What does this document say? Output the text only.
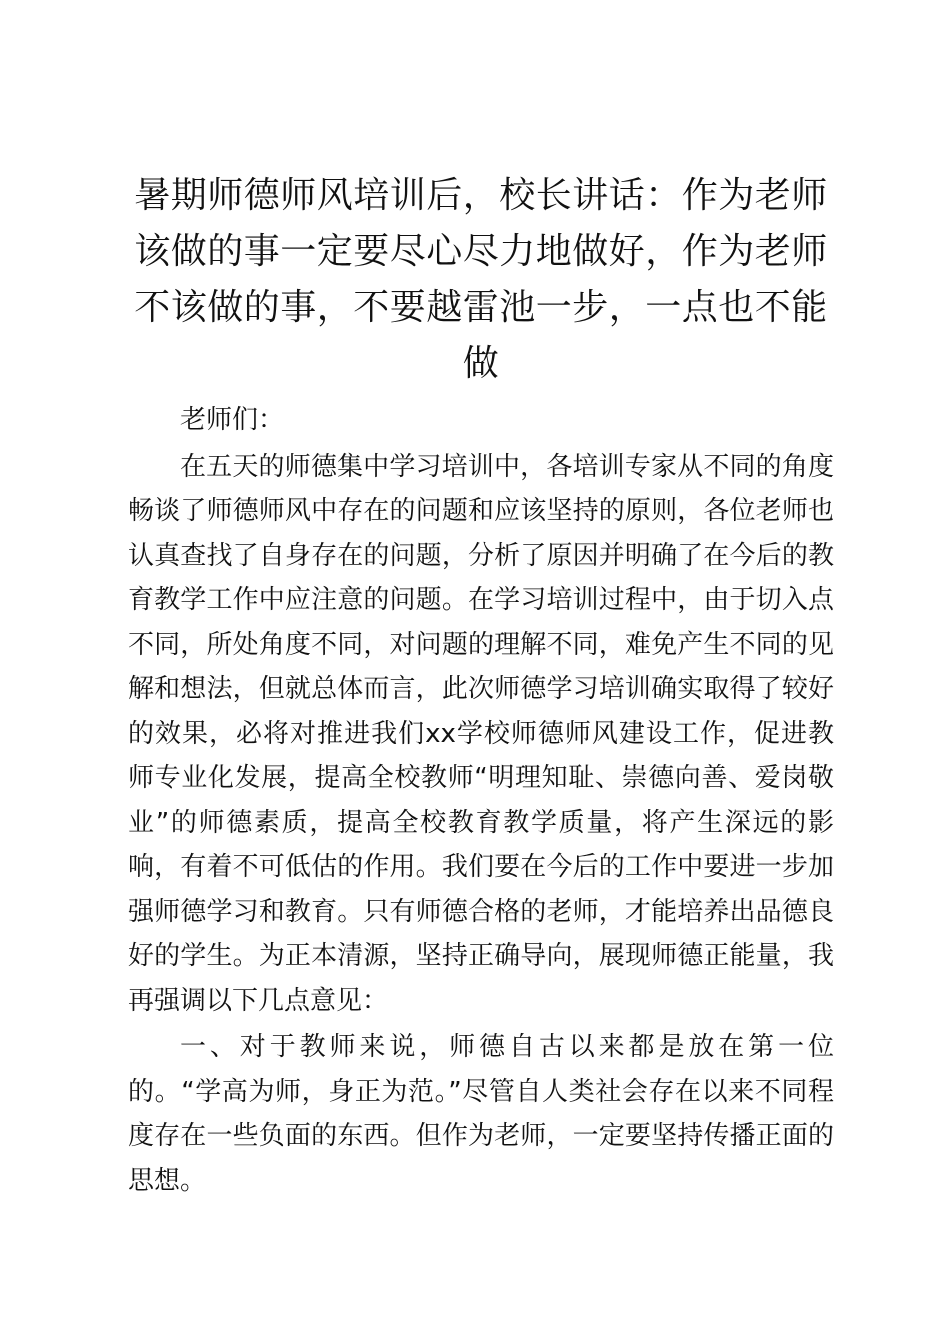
暑期师德师风培训后，校长讲话：作为老师该做的事一定要尽心尽力地做好，作为老师不该做的事，不要越雷池一步，一点也不能做

老师们：

在五天的师德集中学习培训中，各培训专家从不同的角度畅谈了师德师风中存在的问题和应该坚持的原则，各位老师也认真查找了自身存在的问题，分析了原因并明确了在今后的教育教学工作中应注意的问题。在学习培训过程中，由于切入点不同，所处角度不同，对问题的理解不同，难免产生不同的见解和想法，但就总体而言，此次师德学习培训确实取得了较好的效果，必将对推进我们xx学校师德师风建设工作，促进教师专业化发展，提高全校教师“明理知耻、崇德向善、爱岗敬业”的师德素质，提高全校教育教学质量，将产生深远的影响，有着不可低估的作用。我们要在今后的工作中要进一步加强师德学习和教育。只有师德合格的老师，才能培养出品德良好的学生。为正本清源，坚持正确导向，展现师德正能量，我再强调以下几点意见：

一、对于教师来说，师德自古以来都是放在第一位的。“学高为师，身正为范。”尽管自人类社会存在以来不同程度存在一些负面的东西。但作为老师，一定要坚持传播正面的思想。
